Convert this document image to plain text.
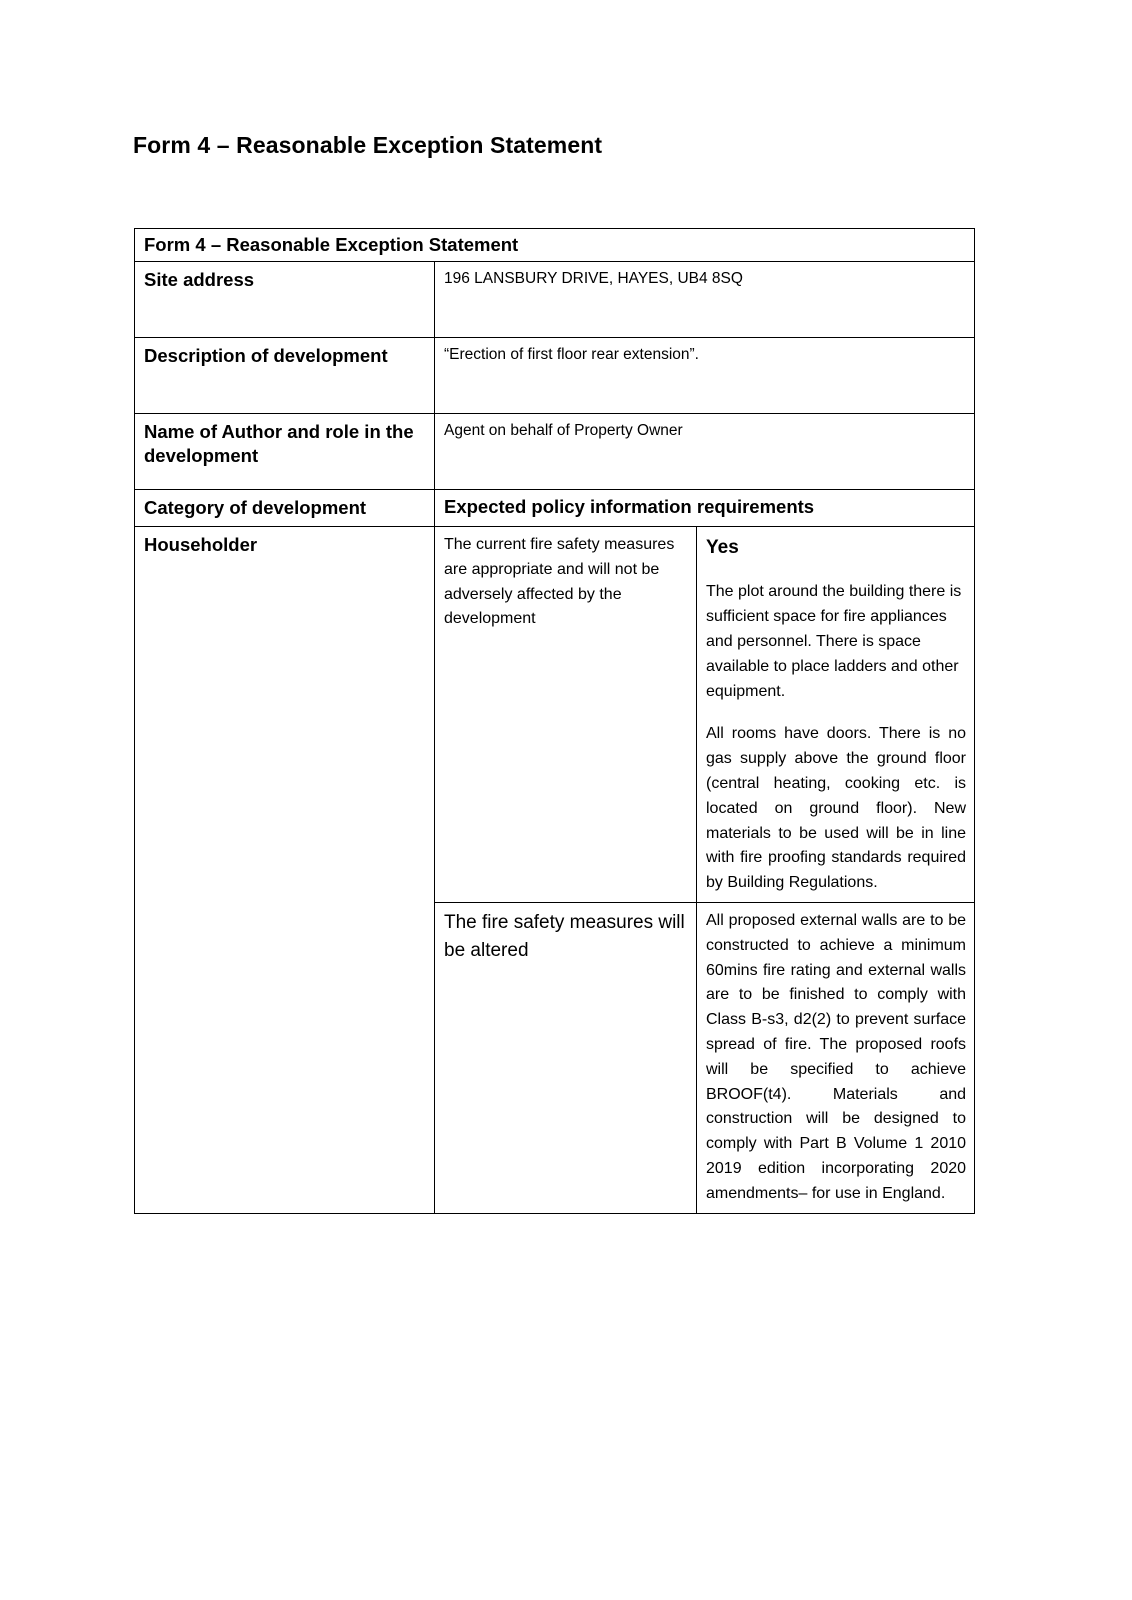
Form 4 – Reasonable Exception Statement
Form 4 – Reasonable Exception Statement		
Site address	196 LANSBURY DRIVE, HAYES, UB4 8SQ	
Description of development	“Erection of first floor rear extension”.	
Name of Author and role in the development	Agent on behalf of Property Owner	
Category of development	Expected policy information requirements	
Householder	The current fire safety measures are appropriate and will not be adversely affected by the development	Yes

The plot around the building there is sufficient space for fire appliances and personnel. There is space available to place ladders and other equipment.

All rooms have doors. There is no gas supply above the ground floor (central heating, cooking etc. is located on ground floor). New materials to be used will be in line with fire proofing standards required by Building Regulations.

	The fire safety measures will be altered	All proposed external walls are to be constructed to achieve a minimum 60mins fire rating and external walls are to be finished to comply with Class B-s3, d2(2) to prevent surface spread of fire. The proposed roofs will be specified to achieve BROOF(t4). Materials and construction will be designed to comply with Part B Volume 1 2010 2019 edition incorporating 2020 amendments– for use in England.
